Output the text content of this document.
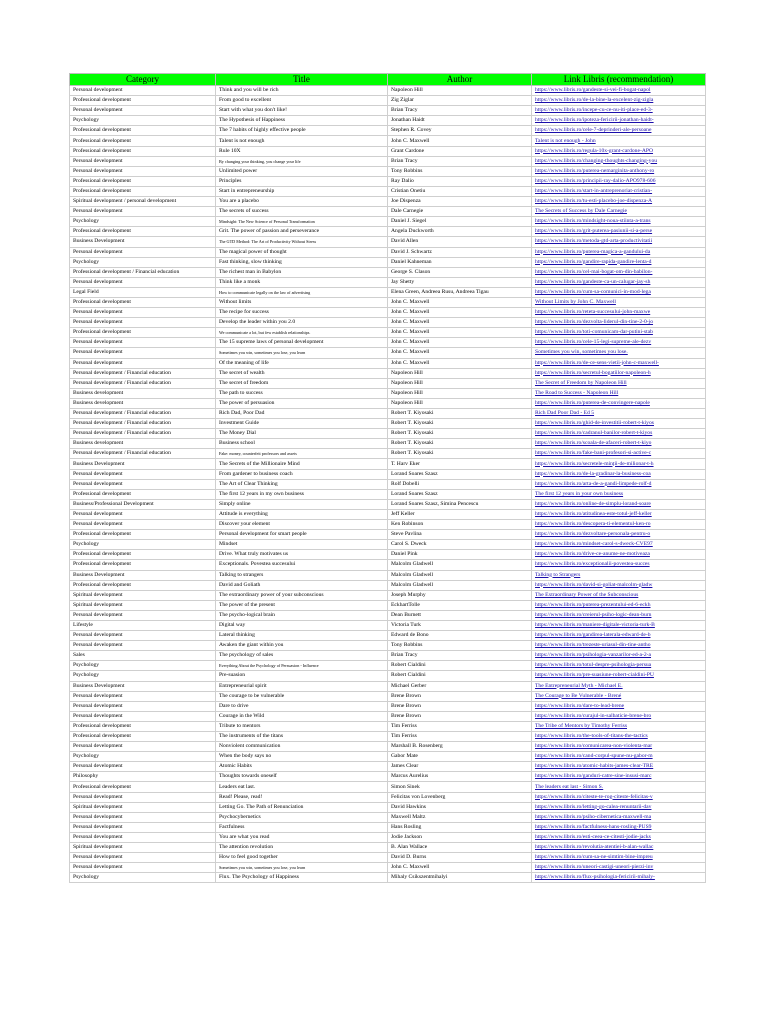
Category	Title	Author	Link Libris (recommendation)
Personal development	Think and you will be rich	Napoleon Hill	https://www.libris.ro/gandeste-si-vei-fi-bogat-napol
Professional development	From good to excellent	Zig Ziglar	https://www.libris.ro/de-la-bine-la-excelent-zig-zigla
Personal development	Start with what you don't like!	Brian Tracy	https://www.libris.ro/incepe-cu-ce-nu-iti-place-ed-3-
Psychology	The Hypothesis of Happiness	Jonathan Haidt	https://www.libris.ro/ipoteza-fericirii-jonathan-haidt-
Professional development	The 7 habits of highly effective people	Stephen R. Covey	https://www.libris.ro/cele-7-deprinderi-ale-persoane
Professional development	Talent is not enough	John C. Maxwell	Talent is not enough - John
Professional development	Rule 10X	Grant Cardone	https://www.libris.ro/regula-10x-grant-cardone-APO
Personal development	By changing your thinking, you change your life	Brian Tracy	https://www.libris.ro/changing-thoughts-changing-you
Personal development	Unlimited power	Tony Robbins	https://www.libris.ro/puterea-nemarginita-anthony-ro
Professional development	Principles	Ray Dalio	https://www.libris.ro/principii-ray-dalio-APO978-606
Professional development	Start in entrepreneurship	Cristian Onetiu	https://www.libris.ro/start-in-antreprenoriat-cristian-
Spiritual development / personal development	You are a placebo	Joe Dispenza	https://www.libris.ro/tu-esti-placebo-joe-dispenza-A
Personal development	The secrets of success	Dale Carnegie	The Secrets of Success by Dale Carnegie
Psychology	Mindsight: The New Science of Personal Transformation	Daniel J. Siegel	https://www.libris.ro/mindsight-noua-stiinta-a-trans
Professional development	Grit. The power of passion and perseverance	Angela Duckworth	https://www.libris.ro/grit-puterea-pasiunii-si-a-perse
Business Development	The GTD Method: The Art of Productivity Without Stress	David Allen	https://www.libris.ro/metoda-gtd-arta-productivitatii
Personal development	The magical power of thought	David J. Schwartz	https://www.libris.ro/puterea-magica-a-gandului-da
Psychology	Fast thinking, slow thinking	Daniel Kahneman	https://www.libris.ro/gandire-rapida-gandire-lenta-d
Professional development / Financial education	The richest man in Babylon	George S. Clason	https://www.libris.ro/cel-mai-bogat-om-din-babilon-
Personal development	Think like a monk	Jay Shetty	https://www.libris.ro/gandeste-ca-un-calugar-jay-sh
Legal Field	How to communicate legally on the law of advertising	Elena Green, Andreea Rusu, Andreea Tigau	https://www.libris.ro/cum-sa-comunici-in-mod-lega
Professional development	Without limits	John C. Maxwell	Without Limits by John C. Maxwell
Personal development	The recipe for success	John C. Maxwell	https://www.libris.ro/reteta-succesului-john-maxwe
Personal development	Develop the leader within you 2.0	John C. Maxwell	https://www.libris.ro/dezvolta-liderul-din-tine-2-0-jo
Professional development	We communicate a lot, but few establish relationships.	John C. Maxwell	https://www.libris.ro/toti-comunicam-dar-putini-stab
Personal development	The 15 supreme laws of personal development	John C. Maxwell	https://www.libris.ro/cele-15-legi-supreme-ale-dezv
Personal development	Sometimes you win, sometimes you lose, you learn	John C. Maxwell	Sometimes you win, sometimes you lose.
Personal development	Of the meaning of life	John C. Maxwell	https://www.libris.ro/de-ce-sens-vietii-john-c-maxwell-
Personal development / Financial education	The secret of wealth	Napoleon Hill	https://www.libris.ro/secretul-bogatiilor-napoleon-h
Personal development / Financial education	The secret of freedom	Napoleon Hill	The Secret of Freedom by Napoleon Hill
Business development	The path to success	Napoleon Hill	The Road to Success - Napoleon Hill
Business development	The power of persuasion	Napoleon Hill	https://www.libris.ro/puterea-de-convingere-napole
Personal development / Financial education	Rich Dad, Poor Dad	Robert T. Kiyosaki	Rich Dad Poor Dad - Ed 5
Personal development / Financial education	Investment Guide	Robert T. Kiyosaki	https://www.libris.ro/ghid-de-investitii-robert-t-kiyos
Personal development / Financial education	The Money Dial	Robert T. Kiyosaki	https://www.libris.ro/cadranul-banilor-robert-t-kiyos
Business development	Business school	Robert T. Kiyosaki	https://www.libris.ro/scoala-de-afaceri-robert-t-kiyo
Personal development / Financial education	Fake: money, counterfeit professors and assets	Robert T. Kiyosaki	https://www.libris.ro/fake-bani-profesori-si-active-c
Business Development	The Secrets of the Millionaire Mind	T. Harv Eker	https://www.libris.ro/secretele-minții-de-milionar-t-h
Personal development	From gardener to business coach	Lorand Soares Szasz	https://www.libris.ro/de-la-gradinar-la-business-coa
Personal development	The Art of Clear Thinking	Rolf Dobelli	https://www.libris.ro/arta-de-a-gandi-limpede-rolf-d
Professional development	The first 12 years in my own business	Lorand Soares Szasz	The first 12 years in your own business
Business/Professional Development	Simply online	Lorand Soares Szasz, Simina Pencescu	https://www.libris.ro/online-de-simplu-lorand-soare
Personal development	Attitude is everything	Jeff Keller	https://www.libris.ro/atitudinea-este-totul-jeff-keller
Personal development	Discover your element	Ken Robinson	https://www.libris.ro/descopera-ti-elementul-ken-ro
Professional development	Personal development for smart people	Steve Pavlina	https://www.libris.ro/dezvoltare-personala-pentru-o
Psychology	Mindset	Carol S. Dweck	https://www.libris.ro/mindset-carol-s-dweck-CVE97
Professional development	Drive. What truly motivates us	Daniel Pink	https://www.libris.ro/drive-ce-anume-ne-motiveaza
Professional development	Exceptionals. Povestea succesului	Malcolm Gladwell	https://www.libris.ro/exceptionalii-povestea-succes
Business Development	Talking to strangers	Malcolm Gladwell	Talking to Strangers
Professional development	David and Goliath	Malcolm Gladwell	https://www.libris.ro/david-si-goliat-malcolm-gladw
Spiritual development	The extraordinary power of your subconscious	Joseph Murphy	The Extraordinary Power of the Subconscious
Spiritual development	The power of the present	EckhartTolle	https://www.libris.ro/puterea-prezentului-ed-6-eckh
Personal development	The psycho-logical brain	Dean Burnett	https://www.libris.ro/creierul-psiho-logic-dean-burn
Lifestyle	Digital way	Victoria Turk	https://www.libris.ro/manierе-digitale-victoria-turk-B
Personal development	Lateral thinking	Edward de Bono	https://www.libris.ro/gandirea-laterala-edward-de-b
Personal development	Awaken the giant within you	Tony Robbins	https://www.libris.ro/trezeste-uriasul-din-tine-antho
Sales	The psychology of sales	Brian Tracy	https://www.libris.ro/psihologia-vanzarilor-ed-a-2-a
Psychology	Everything About the Psychology of Persuasion - Influence	Robert Cialdini	https://www.libris.ro/totul-despre-psihologia-persua
Psychology	Pre-suasion	Robert Cialdini	https://www.libris.ro/pre-suasiune-robert-cialdini-PU
Business Development	Entrepreneurial spirit	Michael Gerber	The Entrepreneurial Myth - Michael E.
Personal development	The courage to be vulnerable	Brene Brown	The Courage to Be Vulnerable - Brené
Personal development	Dare to drive	Brene Brown	https://www.libris.ro/dare-to-lead-brene
Personal development	Courage in the Wild	Brene Brown	https://www.libris.ro/curajul-in-salbaticie-brene-bro
Professional development	Tribute to mentors	Tim Ferriss	The Tribe of Mentors by Timothy Ferriss
Professional development	The instruments of the titans	Tim Ferriss	https://www.libris.ro/the-tools-of-titans-the-tactics
Personal development	Nonviolent communication	Marshall B. Rosenberg	https://www.libris.ro/comunicarea-non-violenta-mar
Psychology	When the body says no	Gabor Mate	https://www.libris.ro/cand-corpul-spune-nu-gabor-m
Personal development	Atomic Habits	James Clear	https://www.libris.ro/atomic-habits-james-clear-TRE
Philosophy	Thoughts towards oneself	Marcus Aurelius	https://www.libris.ro/ganduri-catre-sine-insusi-marc
Professional development	Leaders eat last.	Simon Sinek	The leaders eat last - Simon S.
Personal development	Read! Please, read!	Felicitas von Lovenberg	https://www.libris.ro/citeste-te-rog-citeste-felicitas-v
Spiritual development	Letting Go. The Path of Renunciation	David Hawkins	https://www.libris.ro/letting-go-calea-renuntarii-dav
Personal development	Psychocybernetics	Maxwell Maltz	https://www.libris.ro/psiho-cibernetica-maxwell-ma
Personal development	Factfulness	Hans Rosling	https://www.libris.ro/factfulness-hans-rosling-PUS9
Personal development	You are what you read	Jodie Jackson	https://www.libris.ro/esti-ceea-ce-citesti-jodie-jacks
Spiritual development	The attention revolution	B. Alan Wallace	https://www.libris.ro/revolutia-atentiei-b-alan-wallac
Personal development	How to feel good together	David D. Burns	https://www.libris.ro/cum-sa-ne-simtim-bine-impreu
Personal development	Sometimes you win, sometimes you lose, you learn	John C. Maxwell	https://www.libris.ro/uneori-castigi-uneori-pierzi-inv
Psychology	Flux. The Psychology of Happiness	Mihaly Csikszentmihalyi	https://www.libris.ro/flux-psihologia-fericirii-mihaly-
